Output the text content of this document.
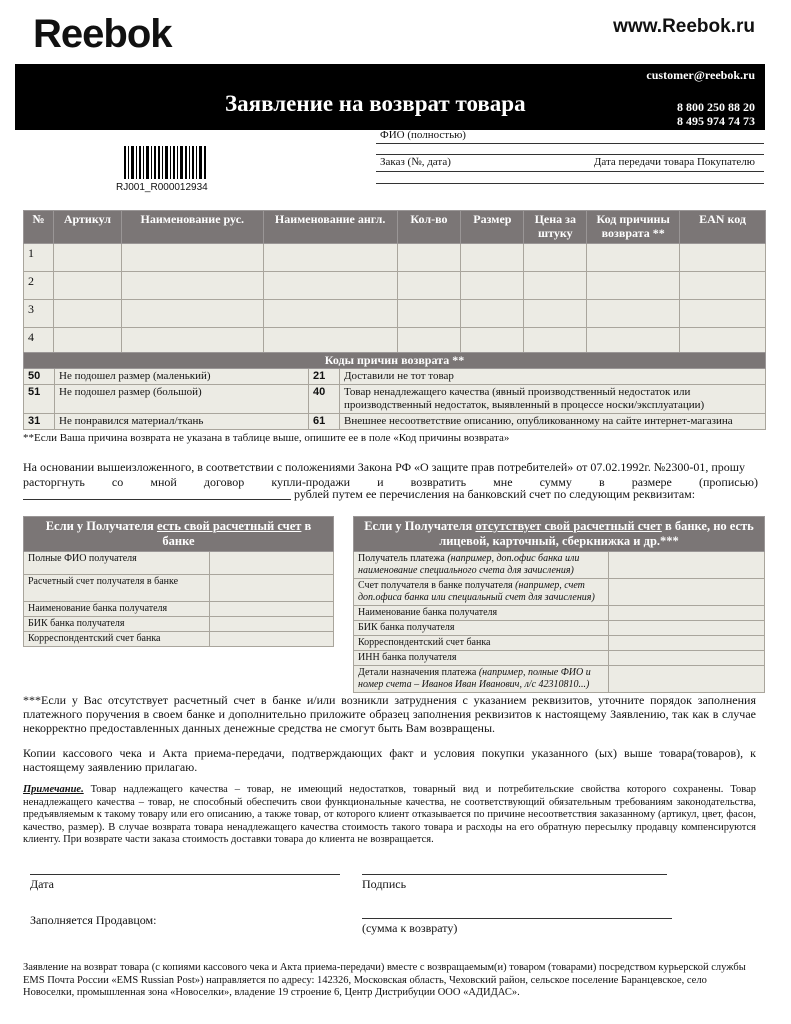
Reebok	www.Reebok.ru
Заявление на возврат товара
customer@reebok.ru
8 800 250 88 20
8 495 974 74 73
ФИО (полностью)
Заказ (№, дата)	Дата передачи товара Покупателю
RJ001_R000012934
№	Артикул	Наименование рус.	Наименование англ.	Кол-во	Размер	Цена за штуку	Код причины возврата **	EAN код
1								
2								
3								
4								
Коды причин возврата **			
50	Не подошел размер (маленький)	21	Доставили не тот товар
51	Не подошел размер (большой)	40	Товар ненадлежащего качества (явный производственный недостаток или производственный недостаток, выявленный в процессе носки/эксплуатации)
31	Не понравился материал/ткань	61	Внешнее несоответствие описанию, опубликованному на сайте интернет-магазина
**Если Ваша причина возврата не указана в таблице выше, опишите ее в поле «Код причины возврата»
На основании вышеизложенного, в соответствии с положениями Закона РФ «О защите прав потребителей» от 07.02.1992г. №2300-01, прошу
расторгнуть со мной договор купли-продажи и возвратить мне сумму в размере (прописью)
рублей путем ее перечисления на банковский счет по следующим реквизитам:
Если у Получателя есть свой расчетный счет в банке	
Полные ФИО получателя	
Расчетный счет получателя в банке	
Наименование банка получателя	
БИК банка получателя	
Корреспондентский счет банка	
Если у Получателя отсутствует свой расчетный счет в банке, но есть лицевой, карточный, сберкнижка и др.***	
Получатель платежа (например, доп.офис банка или наименование специального счета для зачисления)	
Счет получателя в банке получателя (например, счет доп.офиса банка или специальный счет для зачисления)	
Наименование банка получателя	
БИК банка получателя	
Корреспондентский счет банка	
ИНН банка получателя	
Детали назначения платежа (например, полные ФИО и номер счета – Иванов Иван Иванович, л/с 42310810...)	
***Если у Вас отсутствует расчетный счет в банке и/или возникли затруднения с указанием реквизитов, уточните порядок заполнения платежного поручения в своем банке и дополнительно приложите образец заполнения реквизитов к настоящему Заявлению, так как в случае некорректно предоставленных данных денежные средства не смогут быть Вам возвращены.
Копии кассового чека и Акта приема-передачи, подтверждающих факт и условия покупки указанного (ых) выше товара(товаров), к настоящему заявлению прилагаю.
Примечание. Товар надлежащего качества – товар, не имеющий недостатков, товарный вид и потребительские свойства которого сохранены. Товар ненадлежащего качества – товар, не способный обеспечить свои функциональные качества, не соответствующий обязательным требованиям законодательства, предъявляемым к такому товару или его описанию, а также товар, от которого клиент отказывается по причине несоответствия заказанному (артикул, цвет, фасон, качество, размер). В случае возврата товара ненадлежащего качества стоимость такого товара и расходы на его обратную пересылку продавцу компенсируются клиенту. При возврате части заказа стоимость доставки товара до клиента не возвращается.
Дата	Подпись
Заполняется Продавцом:
(сумма к возврату)
Заявление на возврат товара (с копиями кассового чека и Акта приема-передачи) вместе с возвращаемым(и) товаром (товарами) посредством курьерской службы EMS Почта России «EMS Russian Post») направляется по адресу: 142326, Московская область, Чеховский район, сельское поселение Баранцевское, село Новоселки, промышленная зона «Новоселки», владение 19 строение 6, Центр Дистрибуции ООО «АДИДАС».
